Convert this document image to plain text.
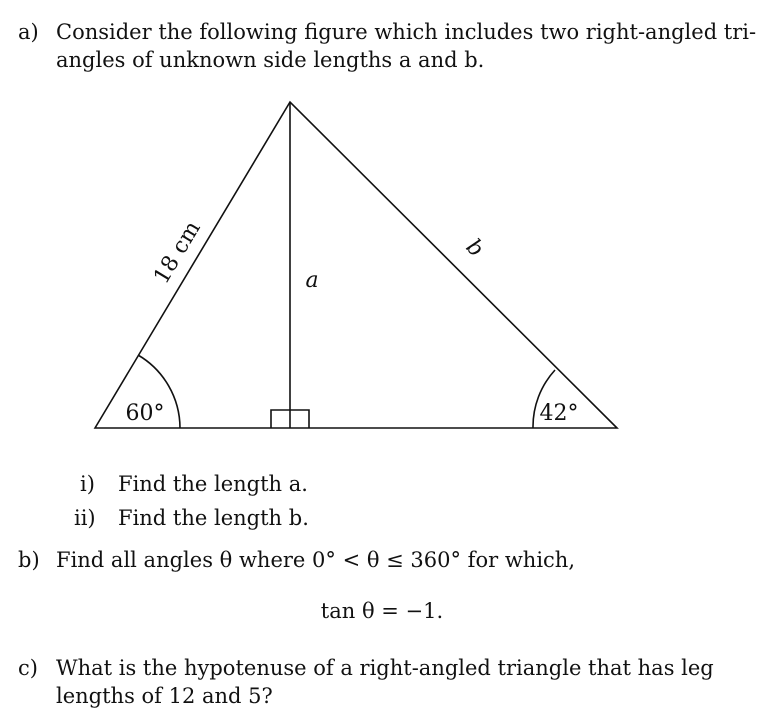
a) Consider the following figure which includes two right-angled tri-
angles of unknown side lengths a and b.
18 cm	a
b
60°	42°
i) Find the length a.
ii) Find the length b.
b) Find all angles θ where 0° < θ ≤ 360° for which,
tan θ = −1.
c) What is the hypotenuse of a right-angled triangle that has leg
lengths of 12 and 5?
